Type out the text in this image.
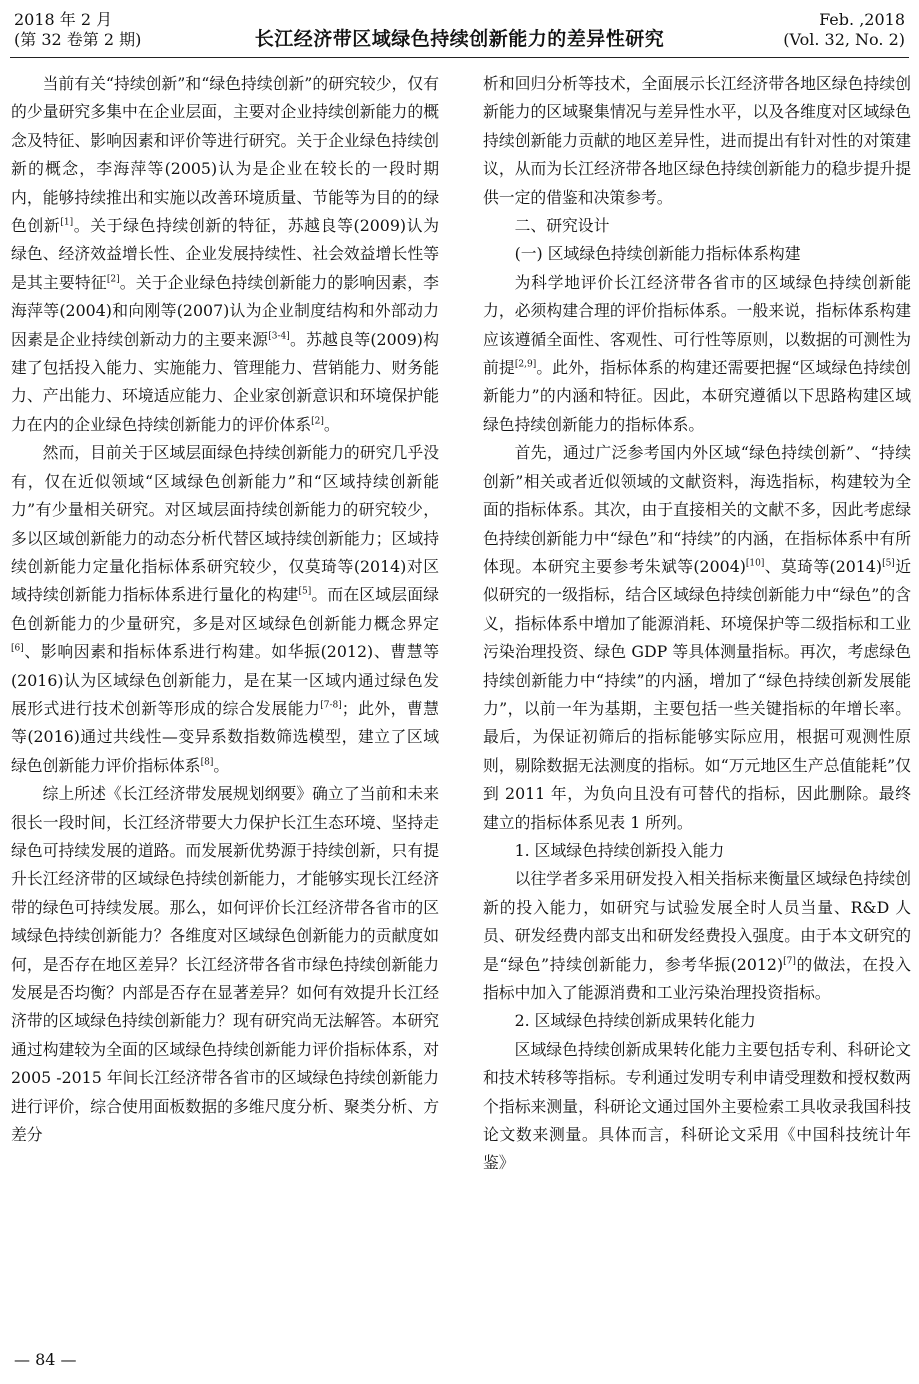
2018 年 2 月
(第 32 卷第 2 期)	长江经济带区域绿色持续创新能力的差异性研究
Feb. ,2018
(Vol. 32, No. 2)

当前有关“持续创新”和“绿色持续创新”的研究较少，仅有的少量研究多集中在企业层面，主要对企业持续创新能力的概念及特征、影响因素和评价等进行研究。关于企业绿色持续创新的概念，李海萍等(2005)认为是企业在较长的一段时期内，能够持续推出和实施以改善环境质量、节能等为目的的绿色创新[1]。关于绿色持续创新的特征，苏越良等(2009)认为绿色、经济效益增长性、企业发展持续性、社会效益增长性等是其主要特征[2]。关于企业绿色持续创新能力的影响因素，李海萍等(2004)和向刚等(2007)认为企业制度结构和外部动力因素是企业持续创新动力的主要来源[3-4]。苏越良等(2009)构建了包括投入能力、实施能力、管理能力、营销能力、财务能力、产出能力、环境适应能力、企业家创新意识和环境保护能力在内的企业绿色持续创新能力的评价体系[2]。

然而，目前关于区域层面绿色持续创新能力的研究几乎没有，仅在近似领域“区域绿色创新能力”和“区域持续创新能力”有少量相关研究。对区域层面持续创新能力的研究较少，多以区域创新能力的动态分析代替区域持续创新能力；区域持续创新能力定量化指标体系研究较少，仅莫琦等(2014)对区域持续创新能力指标体系进行量化的构建[5]。而在区域层面绿色创新能力的少量研究，多是对区域绿色创新能力概念界定[6]、影响因素和指标体系进行构建。如华振(2012)、曹慧等(2016)认为区域绿色创新能力，是在某一区域内通过绿色发展形式进行技术创新等形成的综合发展能力[7-8]；此外，曹慧等(2016)通过共线性—变异系数指数筛选模型，建立了区域绿色创新能力评价指标体系[8]。

综上所述《长江经济带发展规划纲要》确立了当前和未来很长一段时间，长江经济带要大力保护长江生态环境、坚持走绿色可持续发展的道路。而发展新优势源于持续创新，只有提升长江经济带的区域绿色持续创新能力，才能够实现长江经济带的绿色可持续发展。那么，如何评价长江经济带各省市的区域绿色持续创新能力？各维度对区域绿色创新能力的贡献度如何，是否存在地区差异？长江经济带各省市绿色持续创新能力发展是否均衡？内部是否存在显著差异？如何有效提升长江经济带的区域绿色持续创新能力？现有研究尚无法解答。本研究通过构建较为全面的区域绿色持续创新能力评价指标体系，对 2005 -2015 年间长江经济带各省市的区域绿色持续创新能力进行评价，综合使用面板数据的多维尺度分析、聚类分析、方差分

析和回归分析等技术，全面展示长江经济带各地区绿色持续创新能力的区域聚集情况与差异性水平，以及各维度对区域绿色持续创新能力贡献的地区差异性，进而提出有针对性的对策建议，从而为长江经济带各地区绿色持续创新能力的稳步提升提供一定的借鉴和决策参考。

二、研究设计

(一) 区域绿色持续创新能力指标体系构建

为科学地评价长江经济带各省市的区域绿色持续创新能力，必须构建合理的评价指标体系。一般来说，指标体系构建应该遵循全面性、客观性、可行性等原则，以数据的可测性为前提[2,9]。此外，指标体系的构建还需要把握“区域绿色持续创新能力”的内涵和特征。因此，本研究遵循以下思路构建区域绿色持续创新能力的指标体系。

首先，通过广泛参考国内外区域“绿色持续创新”、“持续创新”相关或者近似领域的文献资料，海选指标，构建较为全面的指标体系。其次，由于直接相关的文献不多，因此考虑绿色持续创新能力中“绿色”和“持续”的内涵，在指标体系中有所体现。本研究主要参考朱斌等(2004)[10]、莫琦等(2014)[5]近似研究的一级指标，结合区域绿色持续创新能力中“绿色”的含义，指标体系中增加了能源消耗、环境保护等二级指标和工业污染治理投资、绿色 GDP 等具体测量指标。再次，考虑绿色持续创新能力中“持续”的内涵，增加了“绿色持续创新发展能力”，以前一年为基期，主要包括一些关键指标的年增长率。最后，为保证初筛后的指标能够实际应用，根据可观测性原则，剔除数据无法测度的指标。如“万元地区生产总值能耗”仅到 2011 年，为负向且没有可替代的指标，因此删除。最终建立的指标体系见表 1 所列。

1. 区域绿色持续创新投入能力

以往学者多采用研发投入相关指标来衡量区域绿色持续创新的投入能力，如研究与试验发展全时人员当量、R&D 人员、研发经费内部支出和研发经费投入强度。由于本文研究的是“绿色”持续创新能力，参考华振(2012)[7]的做法，在投入指标中加入了能源消费和工业污染治理投资指标。

2. 区域绿色持续创新成果转化能力

区域绿色持续创新成果转化能力主要包括专利、科研论文和技术转移等指标。专利通过发明专利申请受理数和授权数两个指标来测量，科研论文通过国外主要检索工具收录我国科技论文数来测量。具体而言，科研论文采用《中国科技统计年鉴》

— 84 —
